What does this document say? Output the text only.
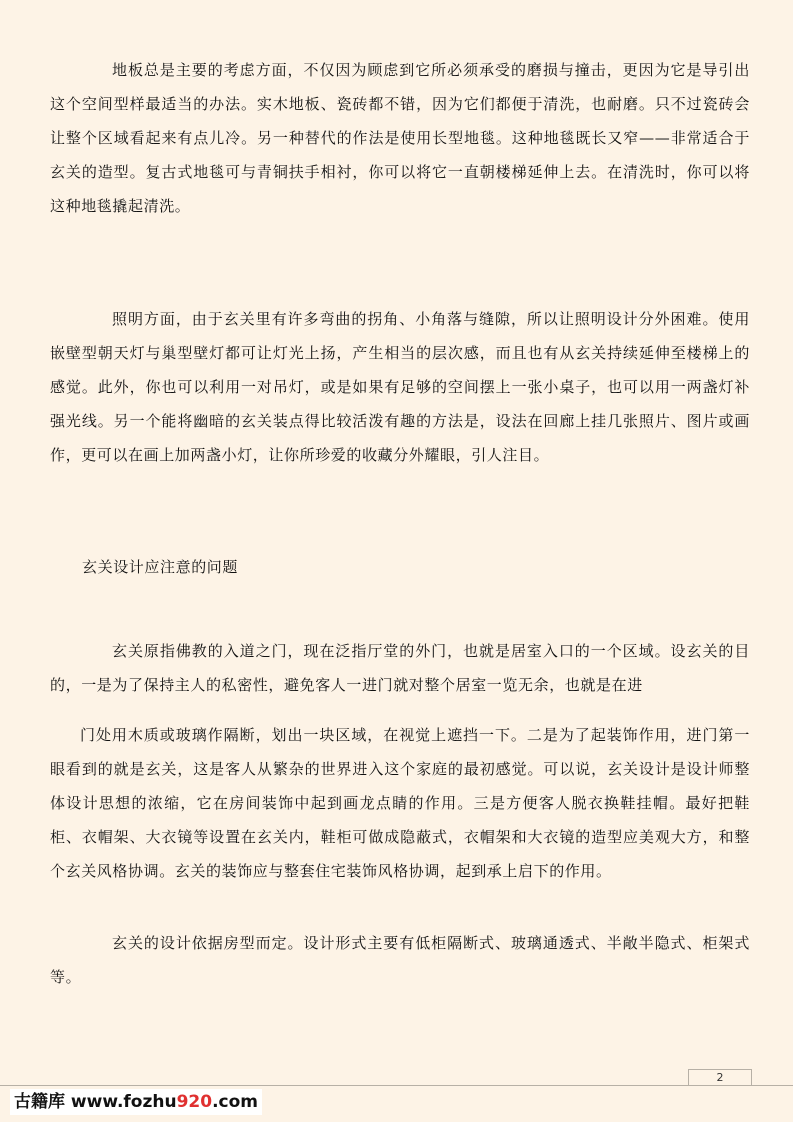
地板总是主要的考虑方面，不仅因为顾虑到它所必须承受的磨损与撞击，更因为它是导引出这个空间型样最适当的办法。实木地板、瓷砖都不错，因为它们都便于清洗，也耐磨。只不过瓷砖会让整个区域看起来有点儿冷。另一种替代的作法是使用长型地毯。这种地毯既长又窄——非常适合于玄关的造型。复古式地毯可与青铜扶手相衬，你可以将它一直朝楼梯延伸上去。在清洗时，你可以将这种地毯撬起清洗。

照明方面，由于玄关里有许多弯曲的拐角、小角落与缝隙，所以让照明设计分外困难。使用嵌壁型朝天灯与巢型壁灯都可让灯光上扬，产生相当的层次感，而且也有从玄关持续延伸至楼梯上的感觉。此外，你也可以利用一对吊灯，或是如果有足够的空间摆上一张小桌子，也可以用一两盏灯补强光线。另一个能将幽暗的玄关装点得比较活泼有趣的方法是，设法在回廊上挂几张照片、图片或画作，更可以在画上加两盏小灯，让你所珍爱的收藏分外耀眼，引人注目。

玄关设计应注意的问题

玄关原指佛教的入道之门，现在泛指厅堂的外门，也就是居室入口的一个区域。设玄关的目的，一是为了保持主人的私密性，避免客人一进门就对整个居室一览无余，也就是在进

门处用木质或玻璃作隔断，划出一块区域，在视觉上遮挡一下。二是为了起装饰作用，进门第一眼看到的就是玄关，这是客人从繁杂的世界进入这个家庭的最初感觉。可以说，玄关设计是设计师整体设计思想的浓缩，它在房间装饰中起到画龙点睛的作用。三是方便客人脱衣换鞋挂帽。最好把鞋柜、衣帽架、大衣镜等设置在玄关内，鞋柜可做成隐蔽式，衣帽架和大衣镜的造型应美观大方，和整个玄关风格协调。玄关的装饰应与整套住宅装饰风格协调，起到承上启下的作用。

玄关的设计依据房型而定。设计形式主要有低柜隔断式、玻璃通透式、半敞半隐式、柜架式等。

2
古籍库 www.fozhu920.com
